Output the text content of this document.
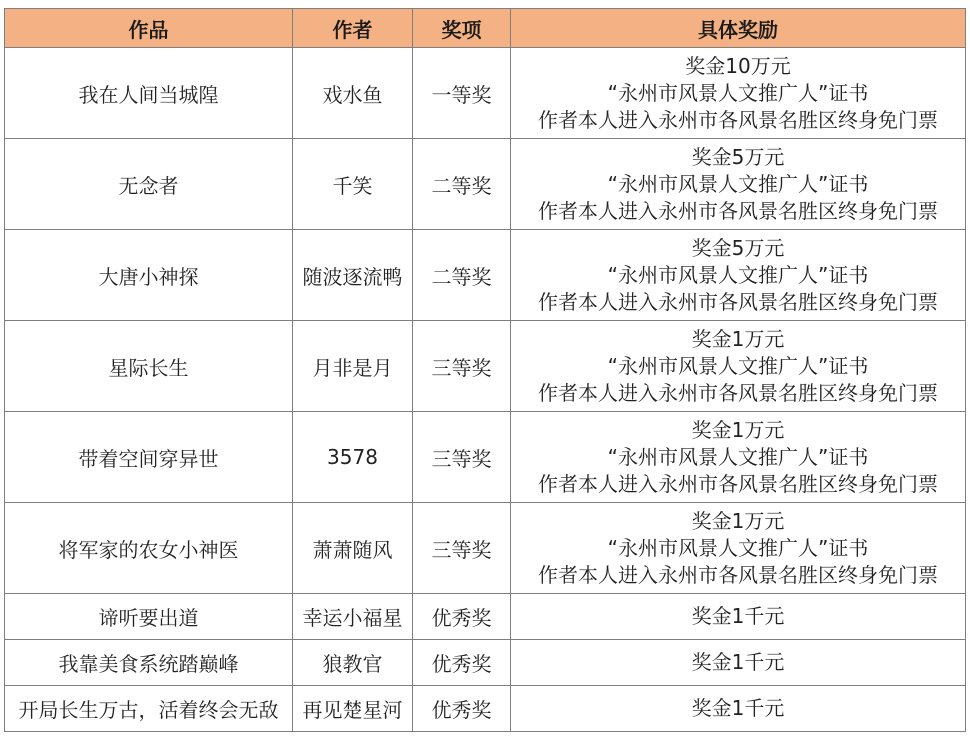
作品	作者	奖项	具体奖励
我在人间当城隍	戏水鱼	一等奖	奖金10万元
“永州市风景人文推广人”证书
作者本人进入永州市各风景名胜区终身免门票

无念者	千笑	二等奖	奖金5万元
“永州市风景人文推广人”证书
作者本人进入永州市各风景名胜区终身免门票

大唐小神探	随波逐流鸭	二等奖	奖金5万元
“永州市风景人文推广人”证书
作者本人进入永州市各风景名胜区终身免门票

星际长生	月非是月	三等奖	奖金1万元
“永州市风景人文推广人”证书
作者本人进入永州市各风景名胜区终身免门票

带着空间穿异世	3578	三等奖	奖金1万元
“永州市风景人文推广人”证书
作者本人进入永州市各风景名胜区终身免门票

将军家的农女小神医	萧萧随风	三等奖	奖金1万元
“永州市风景人文推广人”证书
作者本人进入永州市各风景名胜区终身免门票

谛听要出道	幸运小福星	优秀奖	奖金1千元

我靠美食系统踏巅峰	狼教官	优秀奖	奖金1千元

开局长生万古，活着终会无敌	再见楚星河	优秀奖	奖金1千元
